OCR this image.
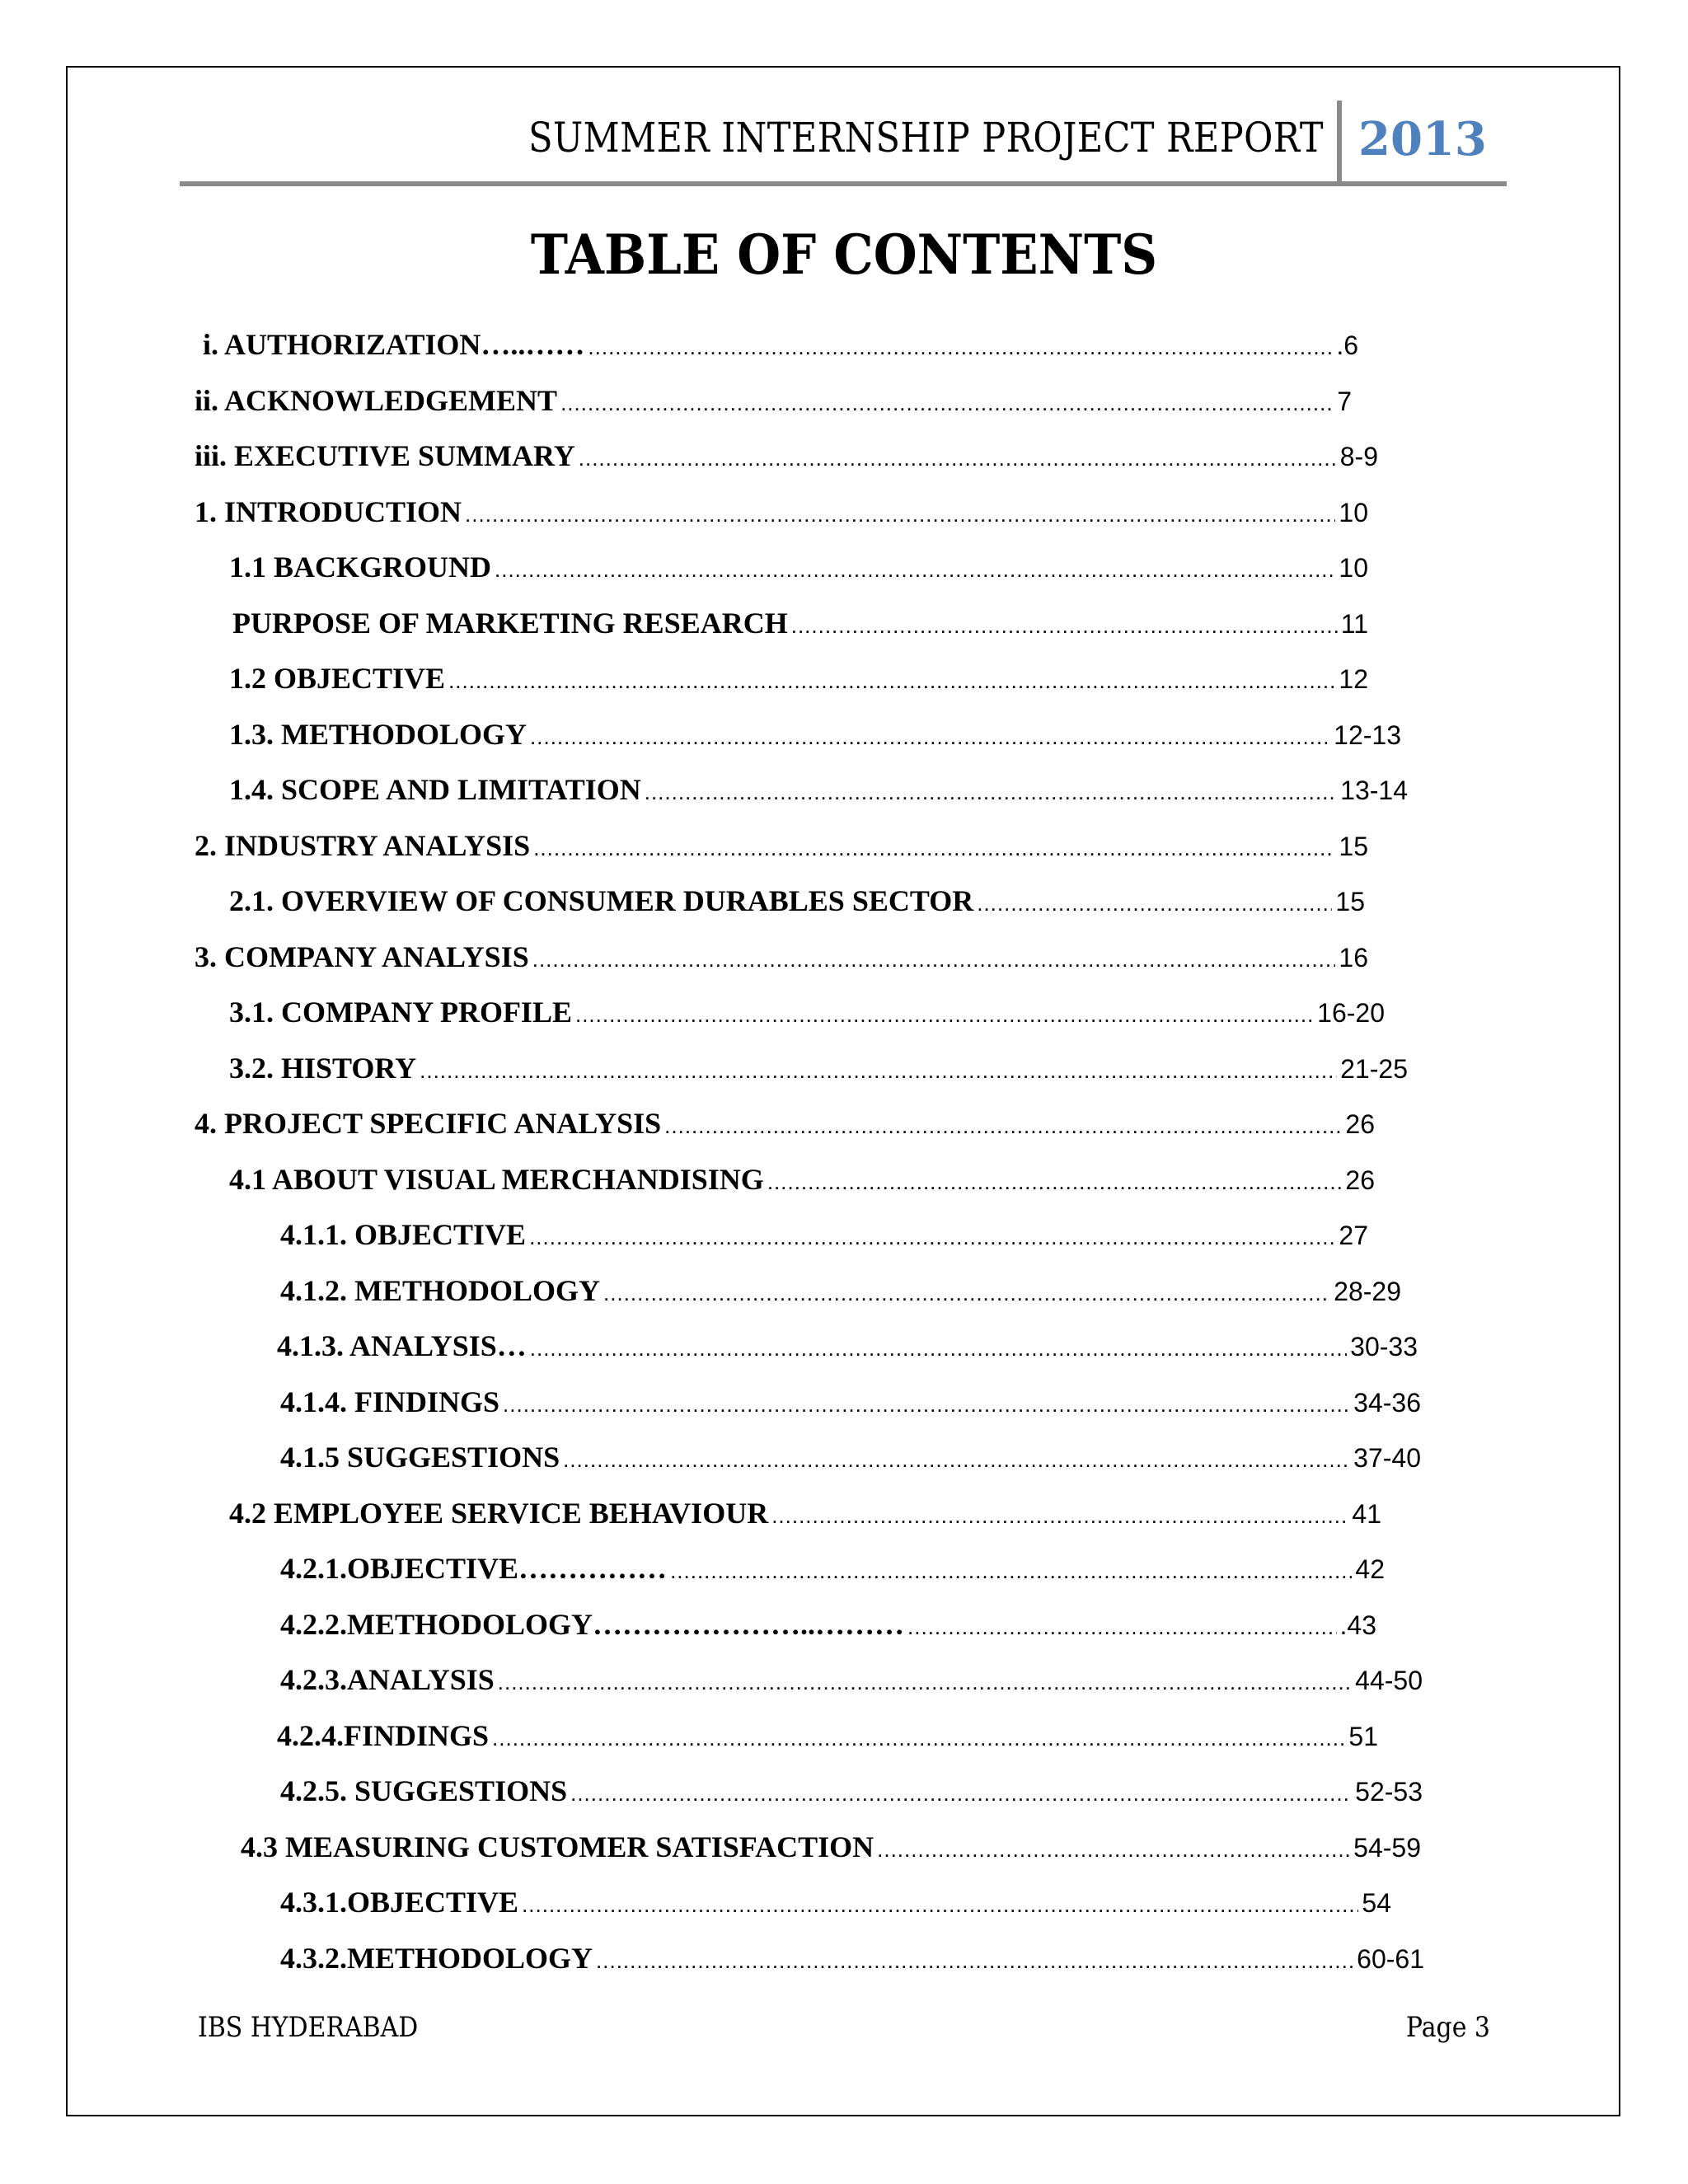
SUMMER INTERNSHIP PROJECT REPORT 2013
TABLE OF CONTENTS
i. AUTHORIZATION…..…… .....	.6
ii. ACKNOWLEDGEMENT .....	7
iii. EXECUTIVE SUMMARY .....	8-9
1. INTRODUCTION .....	10
1.1 BACKGROUND .....	10
PURPOSE OF MARKETING RESEARCH .....	11
1.2 OBJECTIVE .....	12
1.3. METHODOLOGY .....	12-13
1.4. SCOPE AND LIMITATION .....	13-14
2. INDUSTRY ANALYSIS .....	15
2.1. OVERVIEW OF CONSUMER DURABLES SECTOR .....	15
3. COMPANY ANALYSIS .....	16
3.1. COMPANY PROFILE .....	16-20
3.2. HISTORY .....	21-25
4. PROJECT SPECIFIC ANALYSIS .....	26
4.1 ABOUT VISUAL MERCHANDISING .....	26
4.1.1. OBJECTIVE .....	27
4.1.2. METHODOLOGY .....	28-29
4.1.3. ANALYSIS… .....	30-33
4.1.4. FINDINGS .....	34-36
4.1.5 SUGGESTIONS .....	37-40
4.2 EMPLOYEE SERVICE BEHAVIOUR .....	41
4.2.1.OBJECTIVE…………… .....	42
4.2.2.METHODOLOGY…………………..……… .....	.43
4.2.3.ANALYSIS .....	44-50
4.2.4.FINDINGS .....	51
4.2.5. SUGGESTIONS .....	52-53
4.3 MEASURING CUSTOMER SATISFACTION .....	54-59
4.3.1.OBJECTIVE .....	54
4.3.2.METHODOLOGY .....	60-61
IBS HYDERABAD	Page 3
